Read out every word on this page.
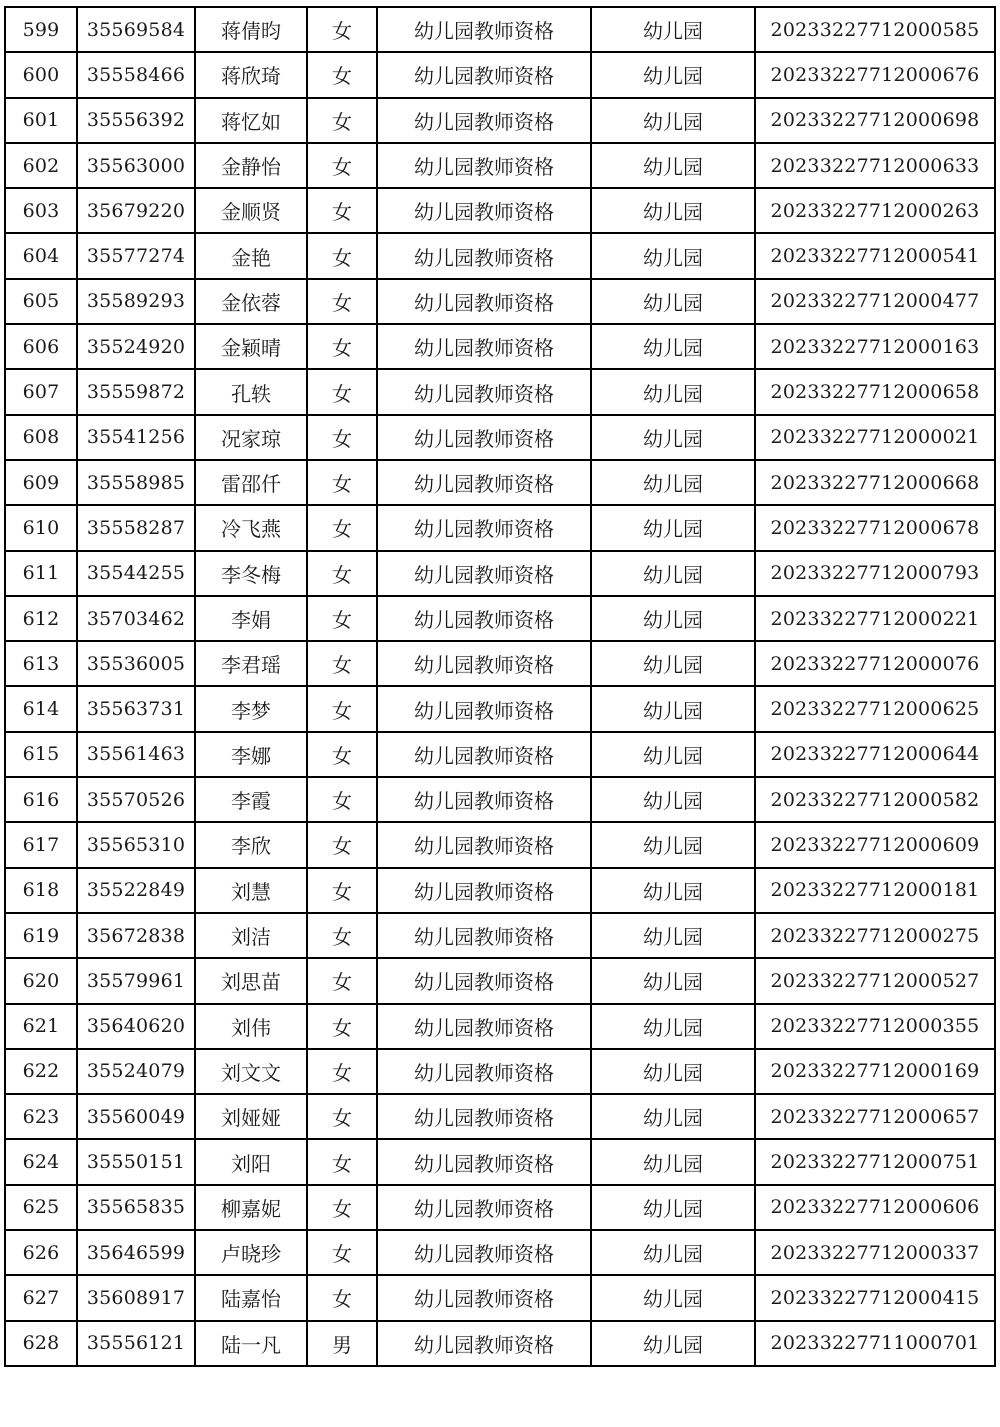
599	35569584	蒋倩昀	女	幼儿园教师资格	幼儿园	20233227712000585
600	35558466	蒋欣琦	女	幼儿园教师资格	幼儿园	20233227712000676
601	35556392	蒋忆如	女	幼儿园教师资格	幼儿园	20233227712000698
602	35563000	金静怡	女	幼儿园教师资格	幼儿园	20233227712000633
603	35679220	金顺贤	女	幼儿园教师资格	幼儿园	20233227712000263
604	35577274	金艳	女	幼儿园教师资格	幼儿园	20233227712000541
605	35589293	金依蓉	女	幼儿园教师资格	幼儿园	20233227712000477
606	35524920	金颖晴	女	幼儿园教师资格	幼儿园	20233227712000163
607	35559872	孔轶	女	幼儿园教师资格	幼儿园	20233227712000658
608	35541256	况家琼	女	幼儿园教师资格	幼儿园	20233227712000021
609	35558985	雷邵仟	女	幼儿园教师资格	幼儿园	20233227712000668
610	35558287	冷飞燕	女	幼儿园教师资格	幼儿园	20233227712000678
611	35544255	李冬梅	女	幼儿园教师资格	幼儿园	20233227712000793
612	35703462	李娟	女	幼儿园教师资格	幼儿园	20233227712000221
613	35536005	李君瑶	女	幼儿园教师资格	幼儿园	20233227712000076
614	35563731	李梦	女	幼儿园教师资格	幼儿园	20233227712000625
615	35561463	李娜	女	幼儿园教师资格	幼儿园	20233227712000644
616	35570526	李霞	女	幼儿园教师资格	幼儿园	20233227712000582
617	35565310	李欣	女	幼儿园教师资格	幼儿园	20233227712000609
618	35522849	刘慧	女	幼儿园教师资格	幼儿园	20233227712000181
619	35672838	刘洁	女	幼儿园教师资格	幼儿园	20233227712000275
620	35579961	刘思苗	女	幼儿园教师资格	幼儿园	20233227712000527
621	35640620	刘伟	女	幼儿园教师资格	幼儿园	20233227712000355
622	35524079	刘文文	女	幼儿园教师资格	幼儿园	20233227712000169
623	35560049	刘娅娅	女	幼儿园教师资格	幼儿园	20233227712000657
624	35550151	刘阳	女	幼儿园教师资格	幼儿园	20233227712000751
625	35565835	柳嘉妮	女	幼儿园教师资格	幼儿园	20233227712000606
626	35646599	卢晓珍	女	幼儿园教师资格	幼儿园	20233227712000337
627	35608917	陆嘉怡	女	幼儿园教师资格	幼儿园	20233227712000415
628	35556121	陆一凡	男	幼儿园教师资格	幼儿园	20233227711000701
